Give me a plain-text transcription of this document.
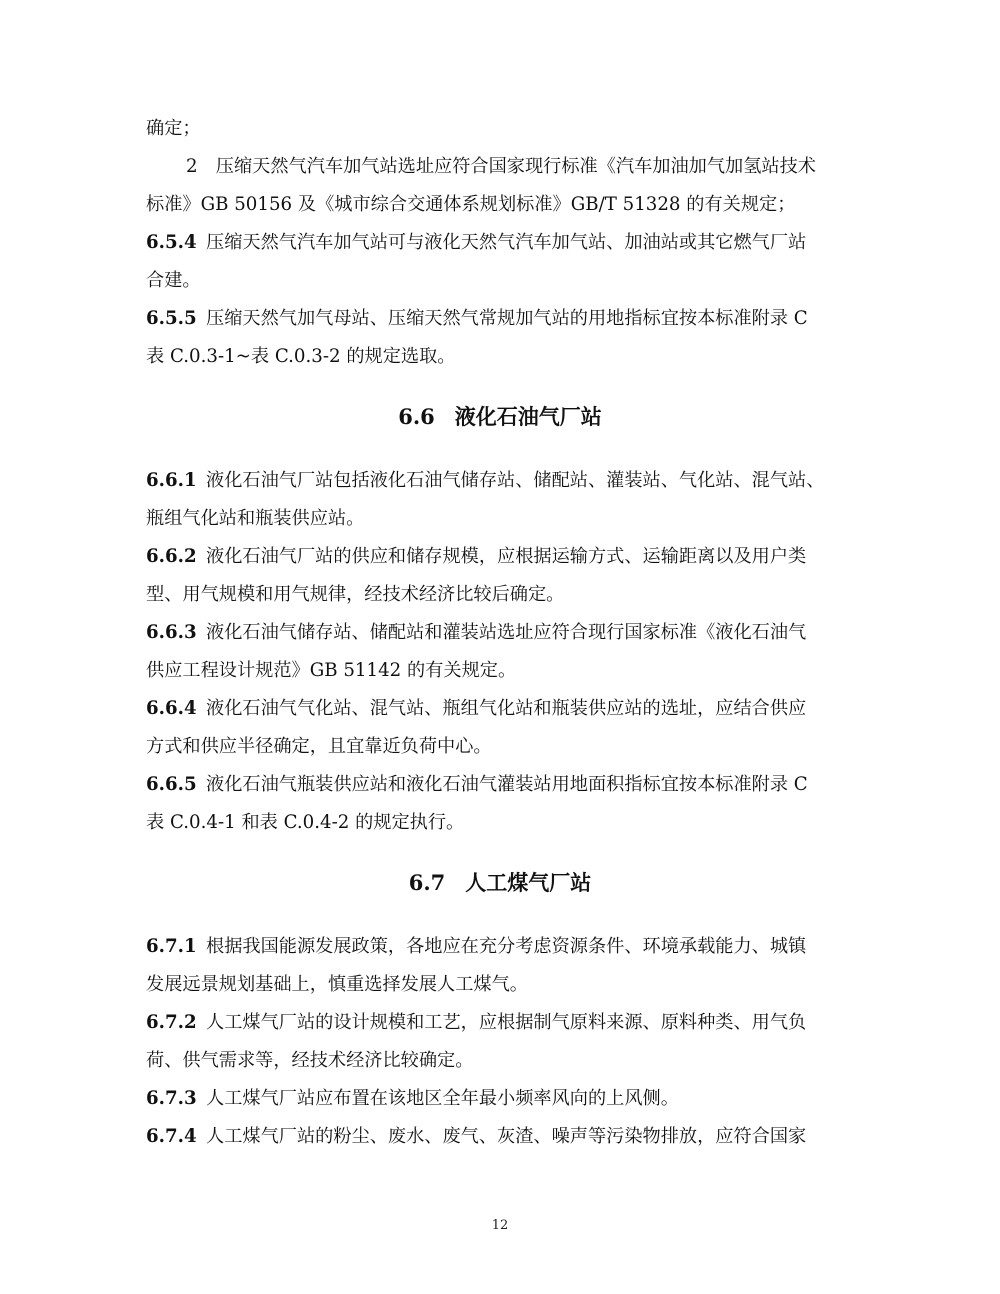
确定；
2　压缩天然气汽车加气站选址应符合国家现行标准《汽车加油加气加氢站技术
标准》GB 50156 及《城市综合交通体系规划标准》GB/T 51328 的有关规定；
6.5.4 压缩天然气汽车加气站可与液化天然气汽车加气站、加油站或其它燃气厂站
合建。
6.5.5 压缩天然气加气母站、压缩天然气常规加气站的用地指标宜按本标准附录 C
表 C.0.3-1~表 C.0.3-2 的规定选取。
6.6 液化石油气厂站
6.6.1 液化石油气厂站包括液化石油气储存站、储配站、灌装站、气化站、混气站、
瓶组气化站和瓶装供应站。
6.6.2 液化石油气厂站的供应和储存规模，应根据运输方式、运输距离以及用户类
型、用气规模和用气规律，经技术经济比较后确定。
6.6.3 液化石油气储存站、储配站和灌装站选址应符合现行国家标准《液化石油气
供应工程设计规范》GB 51142 的有关规定。
6.6.4 液化石油气气化站、混气站、瓶组气化站和瓶装供应站的选址，应结合供应
方式和供应半径确定，且宜靠近负荷中心。
6.6.5 液化石油气瓶装供应站和液化石油气灌装站用地面积指标宜按本标准附录 C
表 C.0.4-1 和表 C.0.4-2 的规定执行。
6.7 人工煤气厂站
6.7.1 根据我国能源发展政策，各地应在充分考虑资源条件、环境承载能力、城镇
发展远景规划基础上，慎重选择发展人工煤气。
6.7.2 人工煤气厂站的设计规模和工艺，应根据制气原料来源、原料种类、用气负
荷、供气需求等，经技术经济比较确定。
6.7.3 人工煤气厂站应布置在该地区全年最小频率风向的上风侧。
6.7.4 人工煤气厂站的粉尘、废水、废气、灰渣、噪声等污染物排放，应符合国家
12
